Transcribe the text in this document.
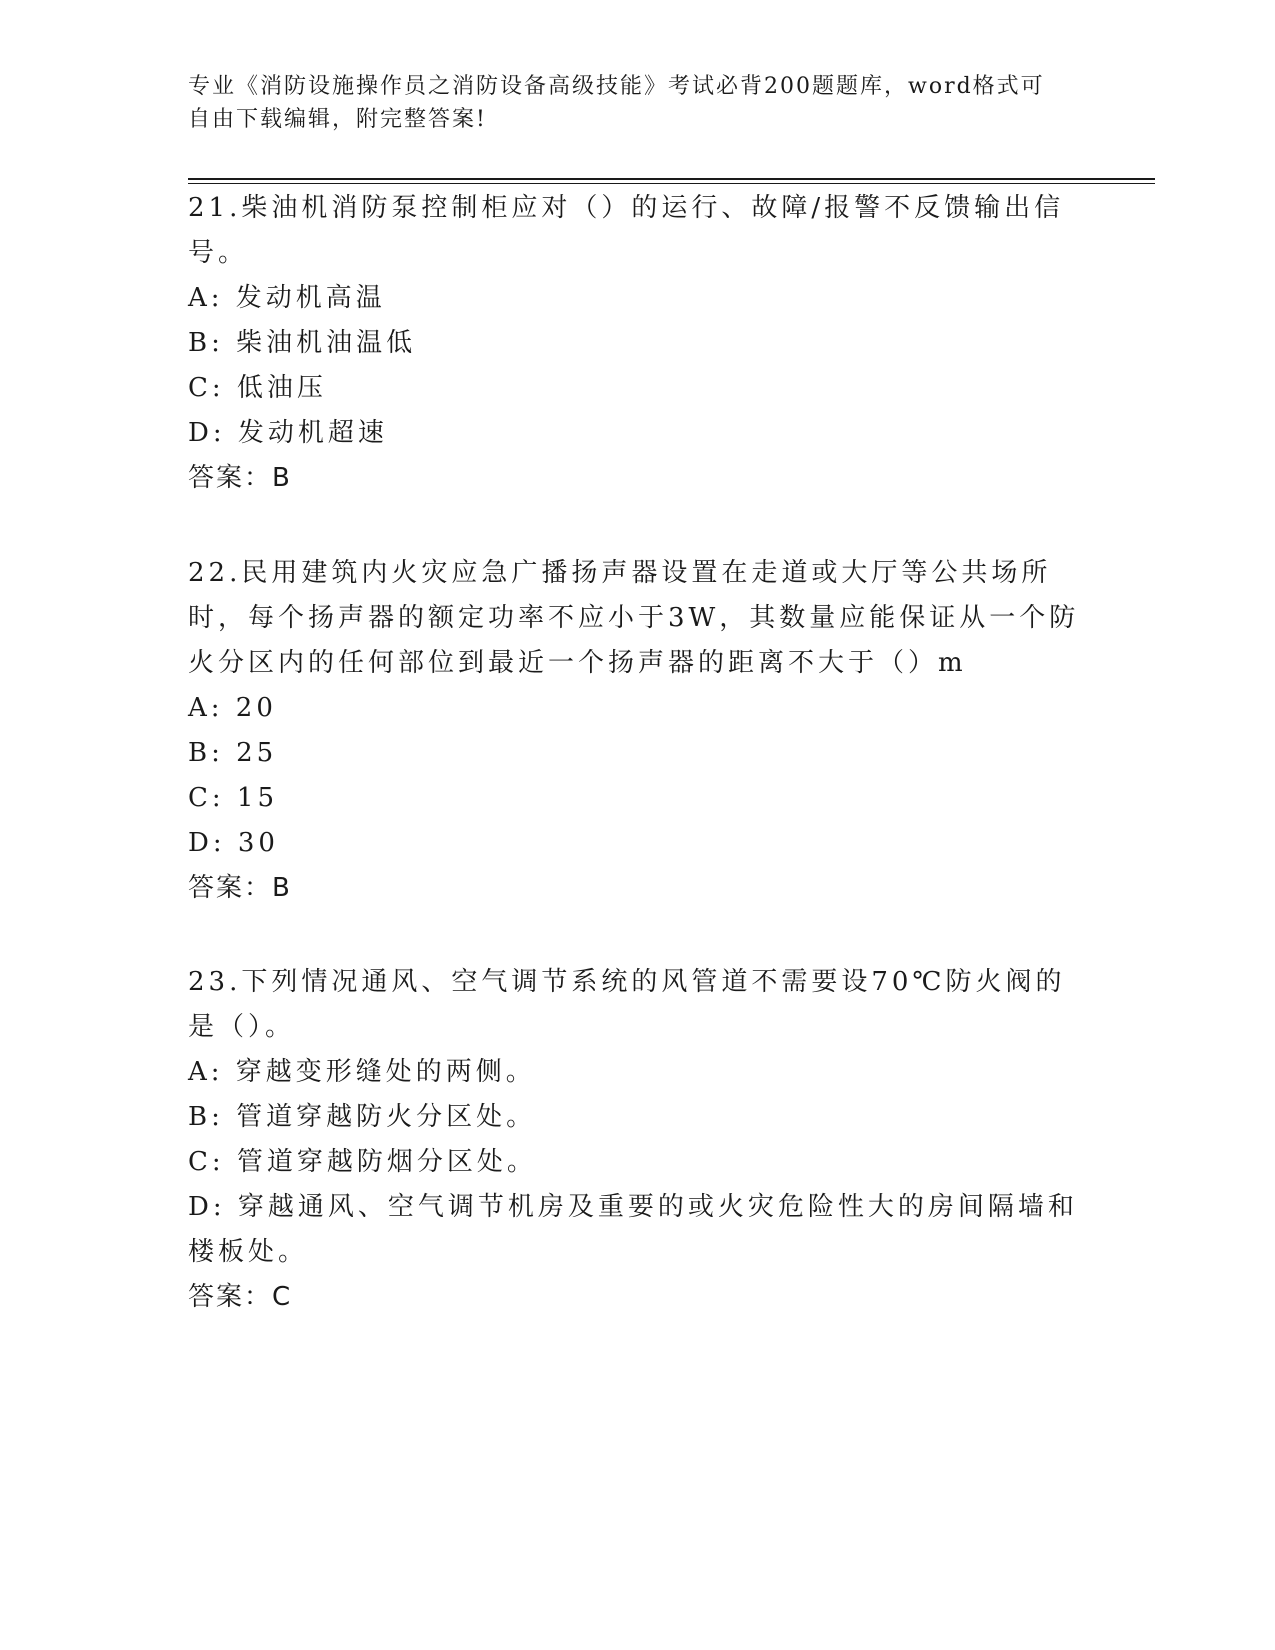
专业《消防设施操作员之消防设备高级技能》考试必背200题题库，word格式可自由下载编辑，附完整答案!

21.柴油机消防泵控制柜应对（）的运行、故障/报警不反馈输出信号。

A: 发动机高温

B: 柴油机油温低

C: 低油压

D: 发动机超速

答案：B

22.民用建筑内火灾应急广播扬声器设置在走道或大厅等公共场所时，每个扬声器的额定功率不应小于3W，其数量应能保证从一个防火分区内的任何部位到最近一个扬声器的距离不大于（）m

A: 20

B: 25

C: 15

D: 30

答案：B

23.下列情况通风、空气调节系统的风管道不需要设70℃防火阀的是（）。

A: 穿越变形缝处的两侧。

B: 管道穿越防火分区处。

C: 管道穿越防烟分区处。

D: 穿越通风、空气调节机房及重要的或火灾危险性大的房间隔墙和楼板处。

答案：C
